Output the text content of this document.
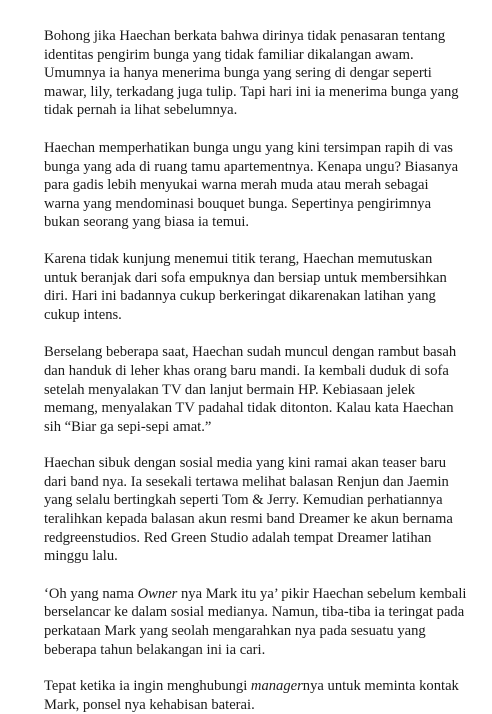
Bohong jika Haechan berkata bahwa dirinya tidak penasaran tentang
identitas pengirim bunga yang tidak familiar dikalangan awam.
Umumnya ia hanya menerima bunga yang sering di dengar seperti
mawar, lily, terkadang juga tulip. Tapi hari ini ia menerima bunga yang
tidak pernah ia lihat sebelumnya.
Haechan memperhatikan bunga ungu yang kini tersimpan rapih di vas
bunga yang ada di ruang tamu apartementnya. Kenapa ungu? Biasanya
para gadis lebih menyukai warna merah muda atau merah sebagai
warna yang mendominasi bouquet bunga. Sepertinya pengirimnya
bukan seorang yang biasa ia temui.
Karena tidak kunjung menemui titik terang, Haechan memutuskan
untuk beranjak dari sofa empuknya dan bersiap untuk membersihkan
diri. Hari ini badannya cukup berkeringat dikarenakan latihan yang
cukup intens.
Berselang beberapa saat, Haechan sudah muncul dengan rambut basah
dan handuk di leher khas orang baru mandi. Ia kembali duduk di sofa
setelah menyalakan TV dan lanjut bermain HP. Kebiasaan jelek
memang, menyalakan TV padahal tidak ditonton. Kalau kata Haechan
sih “Biar ga sepi-sepi amat.”
Haechan sibuk dengan sosial media yang kini ramai akan teaser baru
dari band nya. Ia sesekali tertawa melihat balasan Renjun dan Jaemin
yang selalu bertingkah seperti Tom & Jerry. Kemudian perhatiannya
teralihkan kepada balasan akun resmi band Dreamer ke akun bernama
redgreenstudios. Red Green Studio adalah tempat Dreamer latihan
minggu lalu.
‘Oh yang nama Owner nya Mark itu ya’ pikir Haechan sebelum kembali
berselancar ke dalam sosial medianya. Namun, tiba-tiba ia teringat pada
perkataan Mark yang seolah mengarahkan nya pada sesuatu yang
beberapa tahun belakangan ini ia cari.
Tepat ketika ia ingin menghubungi managernya untuk meminta kontak
Mark, ponsel nya kehabisan baterai.
